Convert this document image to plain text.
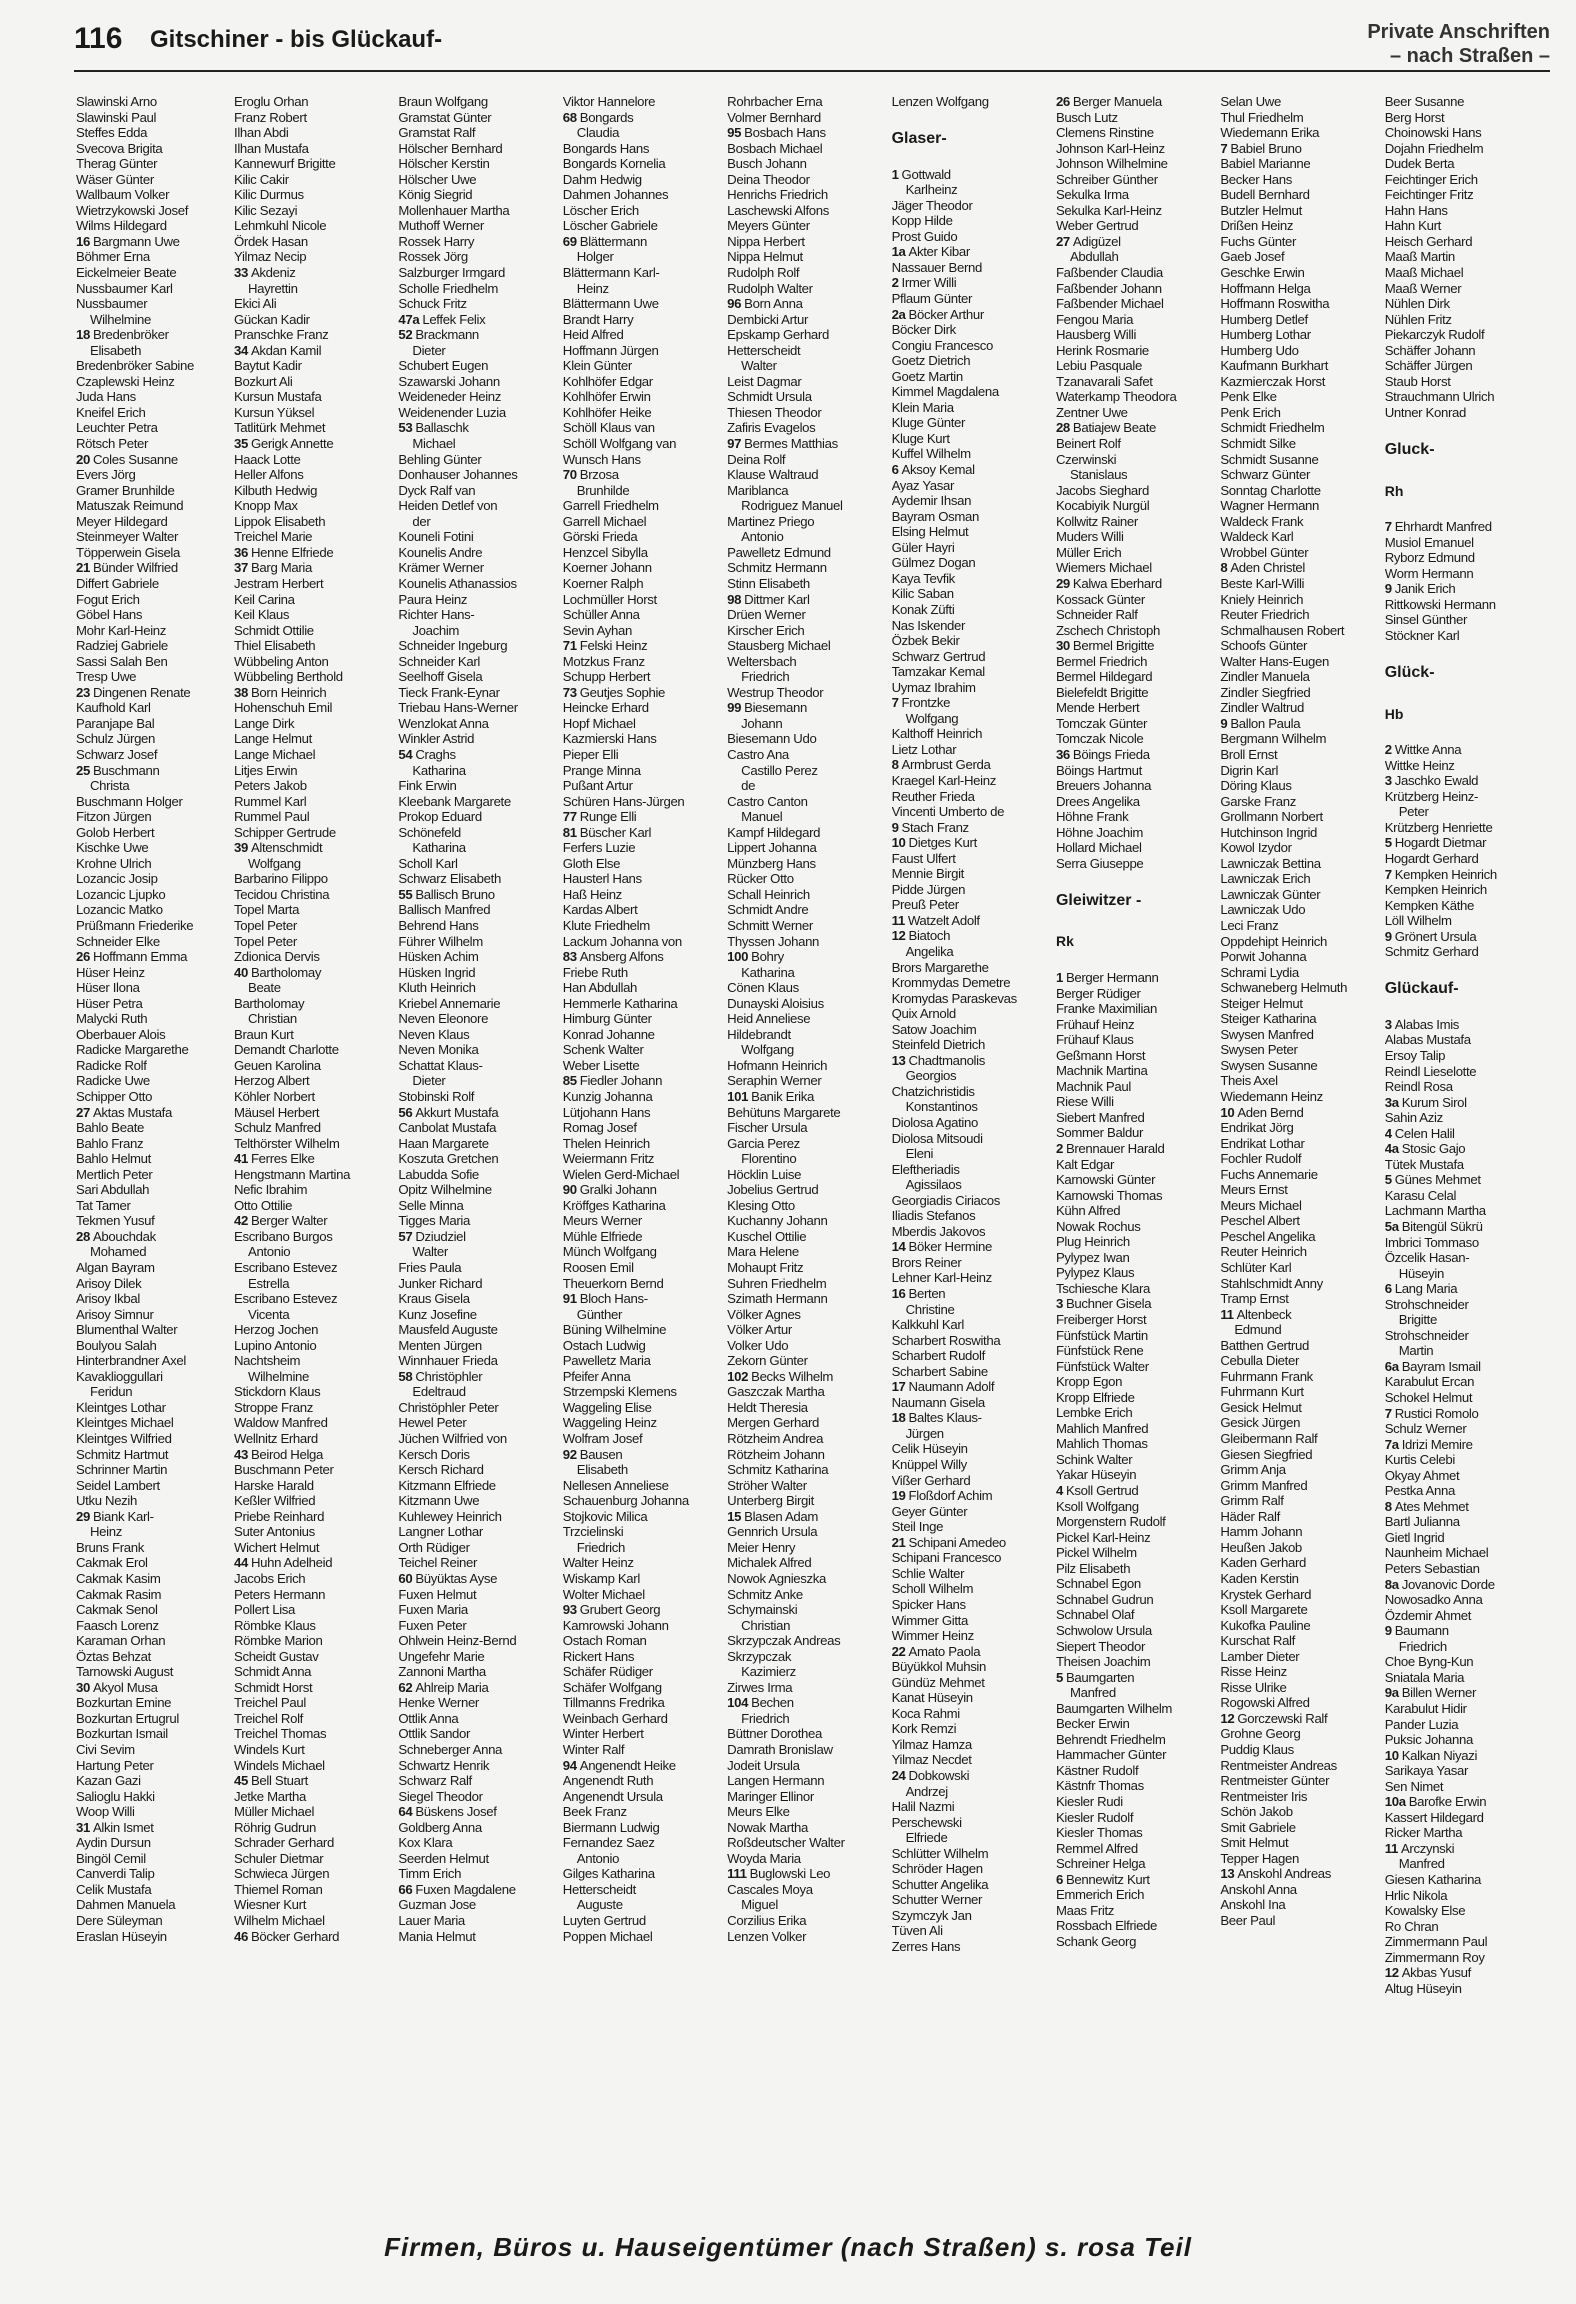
116 Gitschiner - bis Glückauf-	Private Anschriften
– nach Straßen –
Slawinski Arno
Slawinski Paul
Steffes Edda
Svecova Brigita
Therag Günter
Wäser Günter
Wallbaum Volker
Wietrzykowski Josef
Wilms Hildegard
16 Bargmann Uwe
Böhmer Erna
Eickelmeier Beate
Nussbaumer Karl
Nussbaumer
Wilhelmine
18 Bredenbröker
Elisabeth
Bredenbröker Sabine
Czaplewski Heinz
Juda Hans
Kneifel Erich
Leuchter Petra
Rötsch Peter
20 Coles Susanne
Evers Jörg
Gramer Brunhilde
Matuszak Reimund
Meyer Hildegard
Steinmeyer Walter
Töpperwein Gisela
21 Bünder Wilfried
Differt Gabriele
Fogut Erich
Göbel Hans
Mohr Karl-Heinz
Radziej Gabriele
Sassi Salah Ben
Tresp Uwe
23 Dingenen Renate
Kaufhold Karl
Paranjape Bal
Schulz Jürgen
Schwarz Josef
25 Buschmann
Christa
Buschmann Holger
Fitzon Jürgen
Golob Herbert
Kischke Uwe
Krohne Ulrich
Lozancic Josip
Lozancic Ljupko
Lozancic Matko
Prüßmann Friederike
Schneider Elke
26 Hoffmann Emma
Hüser Heinz
Hüser Ilona
Hüser Petra
Malycki Ruth
Oberbauer Alois
Radicke Margarethe
Radicke Rolf
Radicke Uwe
Schipper Otto
27 Aktas Mustafa
Bahlo Beate
Bahlo Franz
Bahlo Helmut
Mertlich Peter
Sari Abdullah
Tat Tamer
Tekmen Yusuf
28 Abouchdak
Mohamed
Algan Bayram
Arisoy Dilek
Arisoy Ikbal
Arisoy Simnur
Blumenthal Walter
Boulyou Salah
Hinterbrandner Axel
Kavaklioggullari
Feridun
Kleintges Lothar
Kleintges Michael
Kleintges Wilfried
Schmitz Hartmut
Schrinner Martin
Seidel Lambert
Utku Nezih
29 Bіank Karl-
Heinz
Bruns Frank
Cakmak Erol
Cakmak Kasim
Cakmak Rasim
Cakmak Senol
Faasch Lorenz
Karaman Orhan
Öztas Behzat
Tarnowski August
30 Akyol Musa
Bozkurtan Emine
Bozkurtan Ertugrul
Bozkurtan Ismail
Civi Sevim
Hartung Peter
Kazan Gazi
Salioglu Hakki
Woop Willi
31 Alkin Ismet
Aydin Dursun
Bingöl Cemil
Canverdi Talip
Celik Mustafa
Dahmen Manuela
Dere Süleyman
Eraslan Hüseyin
Eroglu Orhan
Franz Robert
Ilhan Abdi
Ilhan Mustafa
Kannewurf Brigitte
Kilic Cakir
Kilic Durmus
Kilic Sezayi
Lehmkuhl Nicole
Ördek Hasan
Yilmaz Necip
33 Akdeniz
Hayrettin
Ekici Ali
Gückan Kadir
Pranschke Franz
34 Akdan Kamil
Baytut Kadir
Bozkurt Ali
Kursun Mustafa
Kursun Yüksel
Tatlitürk Mehmet
35 Gerigk Annette
Haack Lotte
Heller Alfons
Kilbuth Hedwig
Knopp Max
Lippok Elisabeth
Treichel Marie
36 Henne Elfriede
37 Barg Maria
Jestram Herbert
Keil Carina
Keil Klaus
Schmidt Ottilie
Thiel Elisabeth
Wübbeling Anton
Wübbeling Berthold
38 Born Heinrich
Hohenschuh Emil
Lange Dirk
Lange Helmut
Lange Michael
Litjes Erwin
Peters Jakob
Rummel Karl
Rummel Paul
Schipper Gertrude
39 Altenschmidt
Wolfgang
Barbarino Filippo
Tecidou Christina
Topel Marta
Topel Peter
Topel Peter
Zdionica Dervis
40 Bartholomay
Beate
Bartholomay
Christian
Braun Kurt
Demandt Charlotte
Geuen Karolina
Herzog Albert
Köhler Norbert
Mäusel Herbert
Schulz Manfred
Telthörster Wilhelm
41 Ferres Elke
Hengstmann Martina
Nefic Ibrahim
Otto Ottilie
42 Berger Walter
Escribano Burgos
Antonio
Escribano Estevez
Estrella
Escribano Estevez
Vicenta
Herzog Jochen
Lupino Antonio
Nachtsheim
Wilhelmine
Stickdorn Klaus
Stroppe Franz
Waldow Manfred
Wellnitz Erhard
43 Beirod Helga
Buschmann Peter
Harske Harald
Keßler Wilfried
Priebe Reinhard
Suter Antonius
Wichert Helmut
44 Huhn Adelheid
Jacobs Erich
Peters Hermann
Pollert Lisa
Römbke Klaus
Römbke Marion
Scheidt Gustav
Schmidt Anna
Schmidt Horst
Treichel Paul
Treichel Rolf
Treichel Thomas
Windels Kurt
Windels Michael
45 Bell Stuart
Jetke Martha
Müller Michael
Röhrig Gudrun
Schrader Gerhard
Schuler Dietmar
Schwieca Jürgen
Thiemel Roman
Wiesner Kurt
Wilhelm Michael
46 Böcker Gerhard
Braun Wolfgang
Gramstat Günter
Gramstat Ralf
Hölscher Bernhard
Hölscher Kerstin
Hölscher Uwe
König Siegrid
Mollenhauer Martha
Muthoff Werner
Rossek Harry
Rossek Jörg
Salzburger Irmgard
Scholle Friedhelm
Schuck Fritz
47a Leffek Felix
52 Brackmann
Dieter
Schubert Eugen
Szawarski Johann
Weideneder Heinz
Weidenender Luzia
53 Ballaschk
Michael
Behling Günter
Donhauser Johannes
Dyck Ralf van
Heiden Detlef von
der
Kouneli Fotini
Kounelis Andre
Krämer Werner
Kounelis Athanassios
Paura Heinz
Richter Hans-
Joachim
Schneider Ingeburg
Schneider Karl
Seelhoff Gisela
Tieck Frank-Eynar
Triebau Hans-Werner
Wenzlokat Anna
Winkler Astrid
54 Craghs
Katharina
Fink Erwin
Kleebank Margarete
Prokop Eduard
Schönefeld
Katharina
Scholl Karl
Schwarz Elisabeth
55 Ballisch Bruno
Ballisch Manfred
Behrend Hans
Führer Wilhelm
Hüsken Achim
Hüsken Ingrid
Kluth Heinrich
Kriebel Annemarie
Neven Eleonore
Neven Klaus
Neven Monika
Schattat Klaus-
Dieter
Stobinski Rolf
56 Akkurt Mustafa
Canbolat Mustafa
Haan Margarete
Koszuta Gretchen
Labudda Sofie
Opitz Wilhelmine
Selle Minna
Tigges Maria
57 Dziudziel
Walter
Fries Paula
Junker Richard
Kraus Gisela
Kunz Josefine
Mausfeld Auguste
Menten Jürgen
Winnhauer Frieda
58 Christöphler
Edeltraud
Christöphler Peter
Hewel Peter
Jüchen Wilfried von
Kersch Doris
Kersch Richard
Kitzmann Elfriede
Kitzmann Uwe
Kuhlewey Heinrich
Langner Lothar
Orth Rüdiger
Teichel Reiner
60 Büyüktas Ayse
Fuxen Helmut
Fuxen Maria
Fuxen Peter
Ohlwein Heinz-Bernd
Ungefehr Marie
Zannoni Martha
62 Ahlreip Maria
Henke Werner
Ottlik Anna
Ottlik Sandor
Schneberger Anna
Schwartz Henrik
Schwarz Ralf
Siegel Theodor
64 Büskens Josef
Goldberg Anna
Kox Klara
Seerden Helmut
Timm Erich
66 Fuxen Magdalene
Guzman Jose
Lauer Maria
Mania Helmut
Viktor Hannelore
68 Bongards
Claudia
Bongards Hans
Bongards Kornelia
Dahm Hedwig
Dahmen Johannes
Löscher Erich
Löscher Gabriele
69 Blättermann
Holger
Blättermann Karl-
Heinz
Blättermann Uwe
Brandt Harry
Heid Alfred
Hoffmann Jürgen
Klein Günter
Kohlhöfer Edgar
Kohlhöfer Erwin
Kohlhöfer Heike
Schöll Klaus van
Schöll Wolfgang van
Wunsch Hans
70 Brzosa
Brunhilde
Garrell Friedhelm
Garrell Michael
Görski Frieda
Henzcel Sibylla
Koerner Johann
Koerner Ralph
Lochmüller Horst
Schüller Anna
Sevin Ayhan
71 Felski Heinz
Motzkus Franz
Schupp Herbert
73 Geutjes Sophie
Heincke Erhard
Hopf Michael
Kazmierski Hans
Pieper Elli
Prange Minna
Pußant Artur
Schüren Hans-Jürgen
77 Runge Elli
81 Büscher Karl
Ferfers Luzie
Gloth Else
Hausterl Hans
Haß Heinz
Kardas Albert
Klute Friedhelm
Lackum Johanna von
83 Ansberg Alfons
Friebe Ruth
Han Abdullah
Hemmerle Katharina
Himburg Günter
Konrad Johanne
Schenk Walter
Weber Lisette
85 Fiedler Johann
Kunzig Johanna
Lütjohann Hans
Romag Josef
Thelen Heinrich
Weiermann Fritz
Wielen Gerd-Michael
90 Gralki Johann
Kröffges Katharina
Meurs Werner
Mühle Elfriede
Münch Wolfgang
Roosen Emil
Theuerkorn Bernd
91 Bloch Hans-
Günther
Büning Wilhelmine
Ostach Ludwig
Pawelletz Maria
Pfeifer Anna
Strzempski Klemens
Waggeling Elise
Waggeling Heinz
Wolfram Josef
92 Bausen
Elisabeth
Nellesen Anneliese
Schauenburg Johanna
Stojkovic Milica
Trzcielinski
Friedrich
Walter Heinz
Wiskamp Karl
Wolter Michael
93 Grubert Georg
Kamrowski Johann
Ostach Roman
Rickert Hans
Schäfer Rüdiger
Schäfer Wolfgang
Tillmanns Fredrika
Weinbach Gerhard
Winter Herbert
Winter Ralf
94 Angenendt Heike
Angenendt Ruth
Angenendt Ursula
Beek Franz
Biermann Ludwig
Fernandez Saez
Antonio
Gilges Katharina
Hetterscheidt
Auguste
Luyten Gertrud
Poppen Michael
Rohrbacher Erna
Volmer Bernhard
95 Bosbach Hans
Bosbach Michael
Busch Johann
Deina Theodor
Henrichs Friedrich
Laschewski Alfons
Meyers Günter
Nippa Herbert
Nippa Helmut
Rudolph Rolf
Rudolph Walter
96 Born Anna
Dembicki Artur
Epskamp Gerhard
Hetterscheidt
Walter
Leist Dagmar
Schmidt Ursula
Thiesen Theodor
Zafiris Evagelos
97 Bermes Matthias
Deina Rolf
Klause Waltraud
Mariblanca
Rodriguez Manuel
Martinez Priego
Antonio
Pawelletz Edmund
Schmitz Hermann
Stinn Elisabeth
98 Dittmer Karl
Drüen Werner
Kirscher Erich
Stausberg Michael
Weltersbach
Friedrich
Westrup Theodor
99 Biesemann
Johann
Biesemann Udo
Castro Ana
Castillo Perez
de
Castro Canton
Manuel
Kampf Hildegard
Lippert Johanna
Münzberg Hans
Rücker Otto
Schall Heinrich
Schmidt Andre
Schmitt Werner
Thyssen Johann
100 Bohry
Katharina
Cönen Klaus
Dunayski Aloisius
Heid Anneliese
Hildebrandt
Wolfgang
Hofmann Heinrich
Seraphin Werner
101 Banik Erika
Behütuns Margarete
Fischer Ursula
Garcia Perez
Florentino
Höcklin Luise
Jobelius Gertrud
Klesing Otto
Kuchanny Johann
Kuschel Ottilie
Mara Helene
Mohaupt Fritz
Suhren Friedhelm
Szimath Hermann
Völker Agnes
Völker Artur
Volker Udo
Zekorn Günter
102 Becks Wilhelm
Gaszczak Martha
Heldt Theresia
Mergen Gerhard
Rötzheim Andrea
Rötzheim Johann
Schmitz Katharina
Ströher Walter
Unterberg Birgit
15 Blasen Adam
Gennrich Ursula
Meier Henry
Michalek Alfred
Nowok Agnieszka
Schmitz Anke
Schymainski
Christian
Skrzypczak Andreas
Skrzypczak
Kazimierz
Zirwes Irma
104 Bechen
Friedrich
Büttner Dorothea
Damrath Bronislaw
Jodeit Ursula
Langen Hermann
Maringer Ellinor
Meurs Elke
Nowak Martha
Roßdeutscher Walter
Woyda Maria
111 Buglowski Leo
Cascales Moya
Miguel
Corzilius Erika
Lenzen Volker
Lenzen Wolfgang

Glaser-

1 Gottwald
Karlheinz
Jäger Theodor
Kopp Hilde
Prost Guido
1a Akter Kibar
Nassauer Bernd
2 Irmer Willi
Pflaum Günter
2a Böcker Arthur
Böcker Dirk
Congiu Francesco
Goetz Dietrich
Goetz Martin
Kimmel Magdalena
Klein Maria
Kluge Günter
Kluge Kurt
Kuffel Wilhelm
6 Aksoy Kemal
Ayaz Yasar
Aydemir Ihsan
Bayram Osman
Elsing Helmut
Güler Hayri
Gülmez Dogan
Kaya Tevfik
Kilic Saban
Konak Züfti
Nas Iskender
Özbek Bekir
Schwarz Gertrud
Tamzakar Kemal
Uymaz Ibrahim
7 Frontzke
Wolfgang
Kalthoff Heinrich
Lietz Lothar
8 Armbrust Gerda
Kraegel Karl-Heinz
Reuther Frieda
Vincenti Umberto de
9 Stach Franz
10 Dietges Kurt
Faust Ulfert
Mennie Birgit
Pidde Jürgen
Preuß Peter
11 Watzelt Adolf
12 Biatoch
Angelika
Brors Margarethe
Krommydas Demetre
Kromydas Paraskevas
Quix Arnold
Satow Joachim
Steinfeld Dietrich
13 Chadtmanolis
Georgios
Chatzichristidis
Konstantinos
Diolosa Agatino
Diolosa Mitsoudi
Eleni
Eleftheriadis
Agissilaos
Georgiadis Ciriacos
Iliadis Stefanos
Mberdis Jakovos
14 Böker Hermine
Brors Reiner
Lehner Karl-Heinz
16 Berten
Christine
Kalkkuhl Karl
Scharbert Roswitha
Scharbert Rudolf
Scharbert Sabine
17 Naumann Adolf
Naumann Gisela
18 Baltes Klaus-
Jürgen
Celik Hüseyin
Knüppel Willy
Vißer Gerhard
19 Floßdorf Achim
Geyer Günter
Steil Inge
21 Schipani Amedeo
Schipani Francesco
Schlie Walter
Scholl Wilhelm
Spicker Hans
Wimmer Gitta
Wimmer Heinz
22 Amato Paola
Büyükkol Muhsin
Gündüz Mehmet
Kanat Hüseyin
Koca Rahmi
Kork Remzi
Yilmaz Hamza
Yilmaz Necdet
24 Dobkowski
Andrzej
Halil Nazmi
Perschewski
Elfriede
Schlütter Wilhelm
Schröder Hagen
Schutter Angelika
Schutter Werner
Szymczyk Jan
Tüven Ali
Zerres Hans
26 Berger Manuela
Busch Lutz
Clemens Rinstine
Johnson Karl-Heinz
Johnson Wilhelmine
Schreiber Günther
Sekulka Irma
Sekulka Karl-Heinz
Weber Gertrud
27 Adigüzel
Abdullah
Faßbender Claudia
Faßbender Johann
Faßbender Michael
Fengou Maria
Hausberg Willi
Herink Rosmarie
Lebiu Pasquale
Tzanavarali Safet
Waterkamp Theodora
Zentner Uwe
28 Batiajew Beate
Beinert Rolf
Czerwinski
Stanislaus
Jacobs Sieghard
Kocabiyik Nurgül
Kollwitz Rainer
Muders Willi
Müller Erich
Wiemers Michael
29 Kalwa Eberhard
Kossack Günter
Schneider Ralf
Zschech Christoph
30 Bermel Brigitte
Bermel Friedrich
Bermel Hildegard
Bielefeldt Brigitte
Mende Herbert
Tomczak Günter
Tomczak Nicole
36 Böings Frieda
Böings Hartmut
Breuers Johanna
Drees Angelika
Höhne Frank
Höhne Joachim
Hollard Michael
Serra Giuseppe

Gleiwitzer -

Rk

1 Berger Hermann
Berger Rüdiger
Franke Maximilian
Frühauf Heinz
Frühauf Klaus
Geßmann Horst
Machnik Martina
Machnik Paul
Riese Willi
Siebert Manfred
Sommer Baldur
2 Brennauer Harald
Kalt Edgar
Karnowski Günter
Karnowski Thomas
Kühn Alfred
Nowak Rochus
Plug Heinrich
Pylypez Iwan
Pylypez Klaus
Tschiesche Klara
3 Buchner Gisela
Freiberger Horst
Fünfstück Martin
Fünfstück Rene
Fünfstück Walter
Kropp Egon
Kropp Elfriede
Lembke Erich
Mahlich Manfred
Mahlich Thomas
Schink Walter
Yakar Hüseyin
4 Ksoll Gertrud
Ksoll Wolfgang
Morgenstern Rudolf
Pickel Karl-Heinz
Pickel Wilhelm
Pilz Elisabeth
Schnabel Egon
Schnabel Gudrun
Schnabel Olaf
Schwolow Ursula
Siepert Theodor
Theisen Joachim
5 Baumgarten
Manfred
Baumgarten Wilhelm
Becker Erwin
Behrendt Friedhelm
Hammacher Günter
Kästner Rudolf
Kästnfr Thomas
Kiesler Rudi
Kiesler Rudolf
Kiesler Thomas
Remmel Alfred
Schreiner Helga
6 Bennewitz Kurt
Emmerich Erich
Maas Fritz
Rossbach Elfriede
Schank Georg
Selan Uwe
Thul Friedhelm
Wiedemann Erika
7 Babiel Bruno
Babiel Marianne
Becker Hans
Budell Bernhard
Butzler Helmut
Drißen Heinz
Fuchs Günter
Gaeb Josef
Geschke Erwin
Hoffmann Helga
Hoffmann Roswitha
Humberg Detlef
Humberg Lothar
Humberg Udo
Kaufmann Burkhart
Kazmierczak Horst
Penk Elke
Penk Erich
Schmidt Friedhelm
Schmidt Silke
Schmidt Susanne
Schwarz Günter
Sonntag Charlotte
Wagner Hermann
Waldeck Frank
Waldeck Karl
Wrobbel Günter
8 Aden Christel
Beste Karl-Willi
Kniely Heinrich
Reuter Friedrich
Schmalhausen Robert
Schoofs Günter
Walter Hans-Eugen
Zindler Manuela
Zindler Siegfried
Zindler Waltrud
9 Ballon Paula
Bergmann Wilhelm
Broll Ernst
Digrin Karl
Döring Klaus
Garske Franz
Grollmann Norbert
Hutchinson Ingrid
Kowol Izydor
Lawniczak Bettina
Lawniczak Erich
Lawniczak Günter
Lawniczak Udo
Leci Franz
Oppdehipt Heinrich
Porwit Johanna
Schrami Lydia
Schwaneberg Helmuth
Steiger Helmut
Steiger Katharina
Swysen Manfred
Swysen Peter
Swysen Susanne
Theis Axel
Wiedemann Heinz
10 Aden Bernd
Endrikat Jörg
Endrikat Lothar
Fochler Rudolf
Fuchs Annemarie
Meurs Ernst
Meurs Michael
Peschel Albert
Peschel Angelika
Reuter Heinrich
Schlüter Karl
Stahlschmidt Anny
Tramp Ernst
11 Altenbeck
Edmund
Batthen Gertrud
Cebulla Dieter
Fuhrmann Frank
Fuhrmann Kurt
Gesick Helmut
Gesick Jürgen
Gleibermann Ralf
Giesen Siegfried
Grimm Anja
Grimm Manfred
Grimm Ralf
Häder Ralf
Hamm Johann
Heußen Jakob
Kaden Gerhard
Kaden Kerstin
Krystek Gerhard
Ksoll Margarete
Kukofka Pauline
Kurschat Ralf
Lamber Dieter
Risse Heinz
Risse Ulrike
Rogowski Alfred
12 Gorczewski Ralf
Grohne Georg
Puddig Klaus
Rentmeister Andreas
Rentmeister Günter
Rentmeister Iris
Schön Jakob
Smit Gabriele
Smit Helmut
Tepper Hagen
13 Anskohl Andreas
Anskohl Anna
Anskohl Ina
Beer Paul
Beer Susanne
Berg Horst
Choinowski Hans
Dojahn Friedhelm
Dudek Berta
Feichtinger Erich
Feichtinger Fritz
Hahn Hans
Hahn Kurt
Heisch Gerhard
Maaß Martin
Maaß Michael
Maaß Werner
Nühlen Dirk
Nühlen Fritz
Piekarczyk Rudolf
Schäffer Johann
Schäffer Jürgen
Staub Horst
Strauchmann Ulrich
Untner Konrad

Gluck-

Rh

7 Ehrhardt Manfred
Musiol Emanuel
Ryborz Edmund
Worm Hermann
9 Janik Erich
Rittkowski Hermann
Sinsel Günther
Stöckner Karl

Glück-

Hb

2 Wittke Anna
Wittke Heinz
3 Jaschko Ewald
Krützberg Heinz-
Peter
Krützberg Henriette
5 Hogardt Dietmar
Hogardt Gerhard
7 Kempken Heinrich
Kempken Heinrich
Kempken Käthe
Löll Wilhelm
9 Grönert Ursula
Schmitz Gerhard

Glückauf-

3 Alabas Imis
Alabas Mustafa
Ersoy Talip
Reindl Lieselotte
Reindl Rosa
3a Kurum Sirol
Sahin Aziz
4 Celen Halil
4a Stosic Gajo
Tütek Mustafa
5 Günes Mehmet
Karasu Celal
Lachmann Martha
5a Bitengül Sükrü
Imbrici Tommaso
Özcelik Hasan-
Hüseyin
6 Lang Maria
Strohschneider
Brigitte
Strohschneider
Martin
6a Bayram Ismail
Karabulut Ercan
Schokel Helmut
7 Rustici Romolo
Schulz Werner
7a Idrizi Memire
Kurtis Celebi
Okyay Ahmet
Pestka Anna
8 Ates Mehmet
Bartl Julianna
Gietl Ingrid
Naunheim Michael
Peters Sebastian
8a Jovanovic Dorde
Nowosadko Anna
Özdemir Ahmet
9 Baumann
Friedrich
Choe Byng-Kun
Sniatala Maria
9a Billen Werner
Karabulut Hidir
Pander Luzia
Puksic Johanna
10 Kalkan Niyazi
Sarikaya Yasar
Sen Nimet
10a Barofke Erwin
Kassert Hildegard
Ricker Martha
11 Arczynski
Manfred
Giesen Katharina
Hrlic Nikola
Kowalsky Else
Ro Chran
Zimmermann Paul
Zimmermann Roy
12 Akbas Yusuf
Altug Hüseyin
Firmen, Büros u. Hauseigentümer (nach Straßen) s. rosa Teil
